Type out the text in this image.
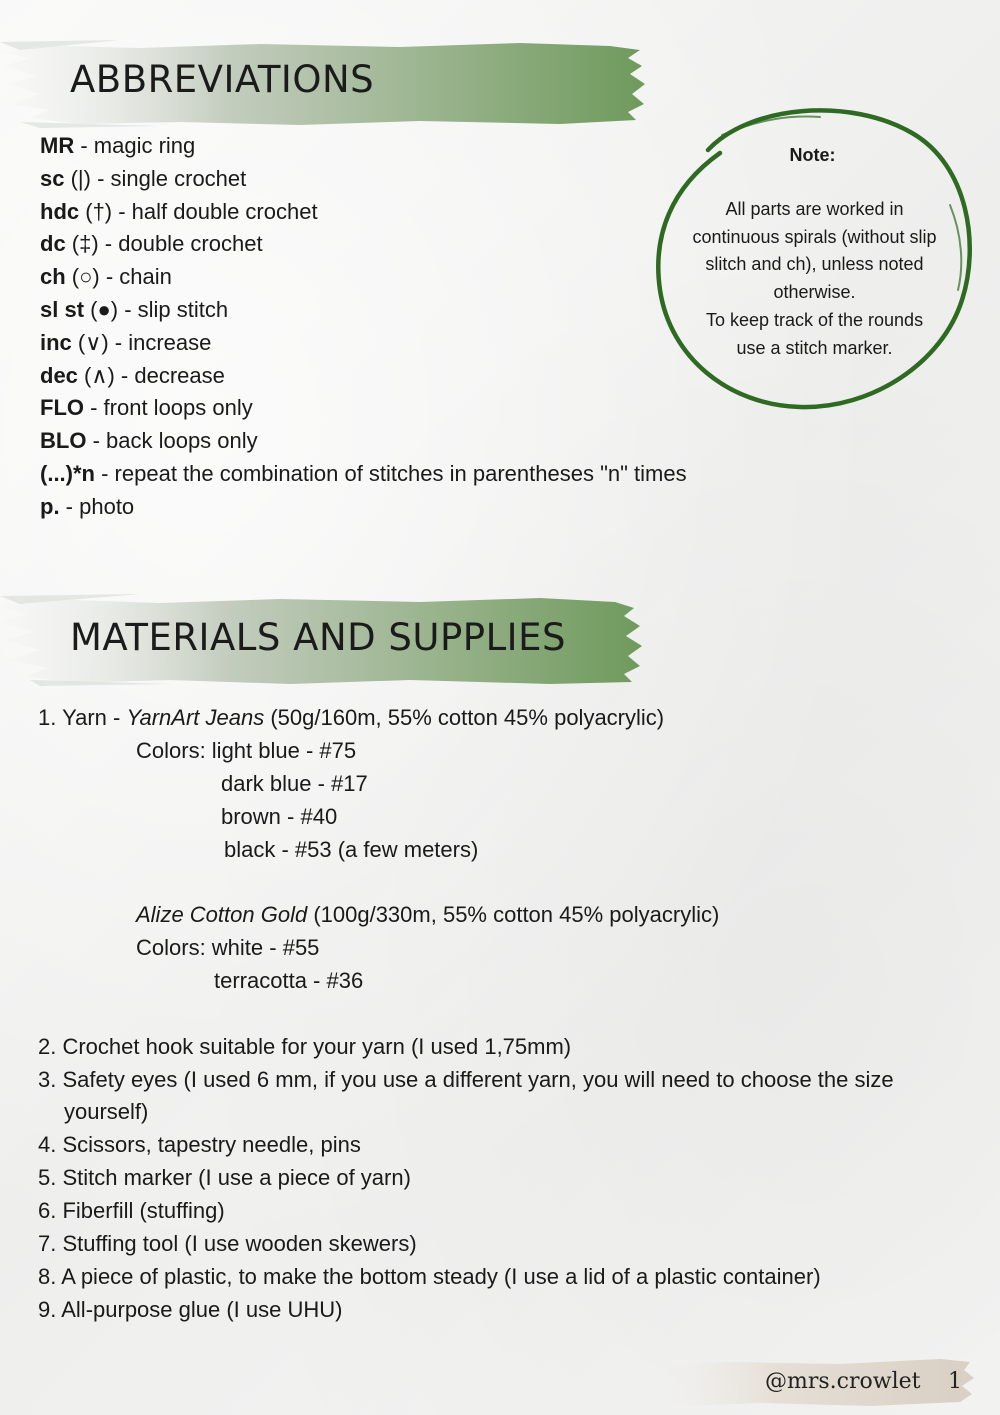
ABBREVIATIONS
MR - magic ring
sc (|) - single crochet
hdc (†) - half double crochet
dc (‡) - double crochet
ch (○) - chain
sl st (●) - slip stitch
inc (∨) - increase
dec (∧) - decrease
FLO - front loops only
BLO - back loops only
(...)*n - repeat the combination of stitches in parentheses "n" times
p. - photo
Note:
All parts are worked in
continuous spirals (without slip
slitch and ch), unless noted
otherwise.
To keep track of the rounds
use a stitch marker.
MATERIALS AND SUPPLIES
1. Yarn - YarnArt Jeans (50g/160m, 55% cotton 45% polyacrylic)
Colors: light blue - #75
dark blue - #17
brown - #40
black - #53 (a few meters)
Alize Cotton Gold (100g/330m, 55% cotton 45% polyacrylic)
Colors: white - #55
terracotta - #36
2. Crochet hook suitable for your yarn (I used 1,75mm)
3. Safety eyes (I used 6 mm, if you use a different yarn, you will need to choose the size
yourself)
4. Scissors, tapestry needle, pins
5. Stitch marker (I use a piece of yarn)
6. Fiberfill (stuffing)
7. Stuffing tool (I use wooden skewers)
8. A piece of plastic, to make the bottom steady (I use a lid of a plastic container)
9. All-purpose glue (I use UHU)
@mrs.crowlet 1
